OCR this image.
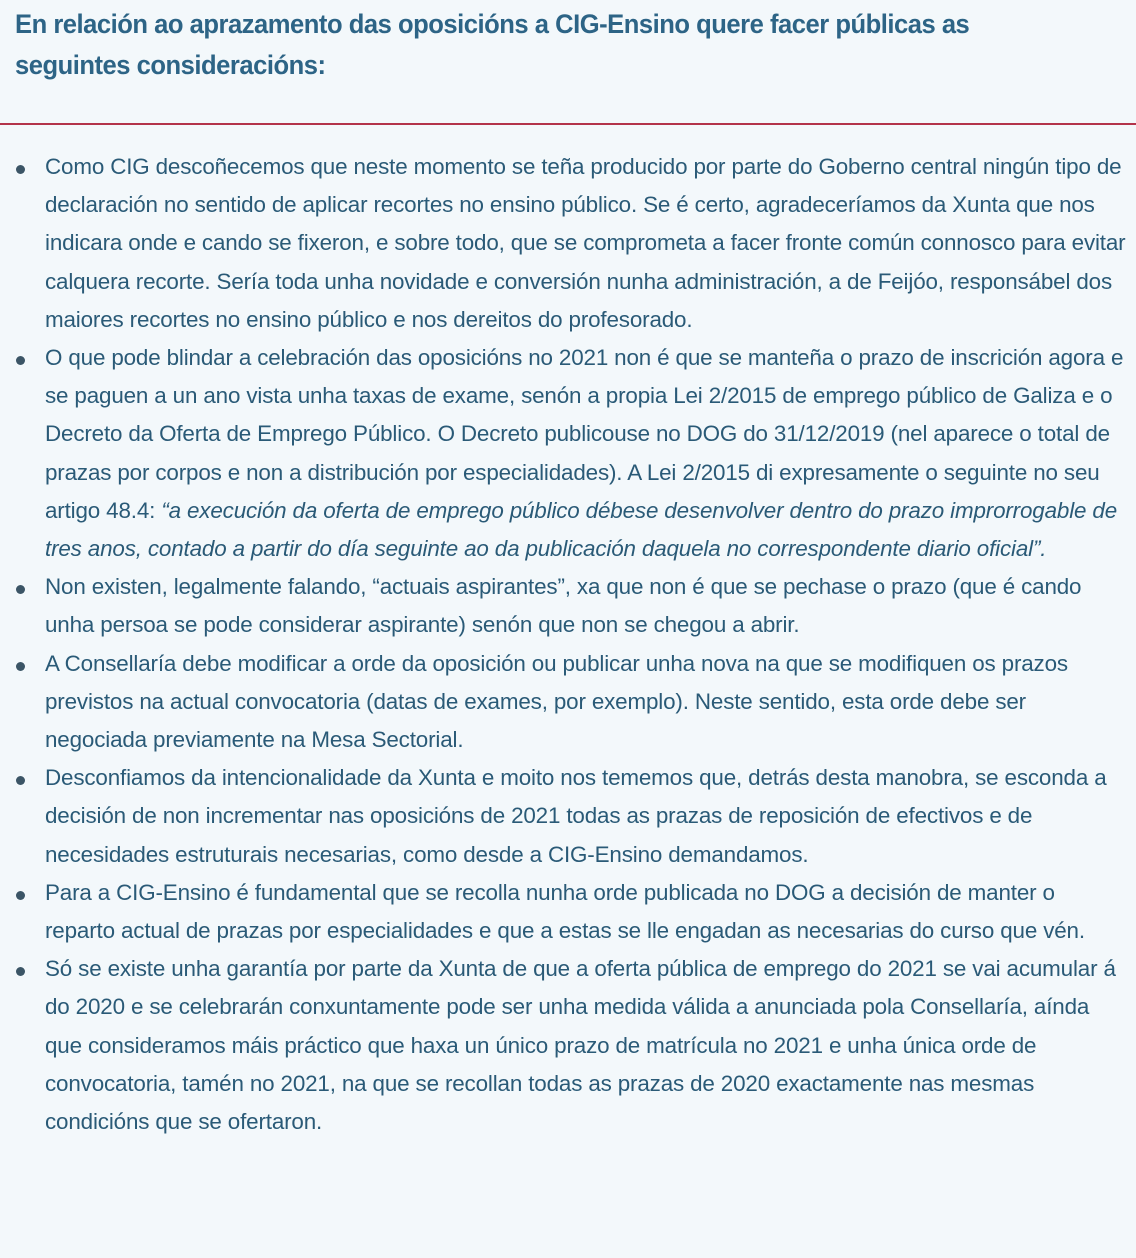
En relación ao aprazamento das oposicións a CIG-Ensino quere facer públicas as seguintes consideracións:
Como CIG descoñecemos que neste momento se teña producido por parte do Goberno central ningún tipo de declaración no sentido de aplicar recortes no ensino público. Se é certo, agradeceríamos da Xunta que nos indicara onde e cando se fixeron, e sobre todo, que se comprometa a facer fronte común connosco para evitar calquera recorte. Sería toda unha novidade e conversión nunha administración, a de Feijóo, responsábel dos maiores recortes no ensino público e nos dereitos do profesorado.
O que pode blindar a celebración das oposicións no 2021 non é que se manteña o prazo de inscrición agora e se paguen a un ano vista unha taxas de exame, senón a propia Lei 2/2015 de emprego público de Galiza e o Decreto da Oferta de Emprego Público. O Decreto publicouse no DOG do 31/12/2019 (nel aparece o total de prazas por corpos e non a distribución por especialidades). A Lei 2/2015 di expresamente o seguinte no seu artigo 48.4: “a execución da oferta de emprego público débese desenvolver dentro do prazo improrrogable de tres anos, contado a partir do día seguinte ao da publicación daquela no correspondente diario oficial”.
Non existen, legalmente falando, “actuais aspirantes”, xa que non é que se pechase o prazo (que é cando unha persoa se pode considerar aspirante) senón que non se chegou a abrir.
A Consellaría debe modificar a orde da oposición ou publicar unha nova na que se modifiquen os prazos previstos na actual convocatoria (datas de exames, por exemplo). Neste sentido, esta orde debe ser negociada previamente na Mesa Sectorial.
Desconfiamos da intencionalidade da Xunta e moito nos tememos que, detrás desta manobra, se esconda a decisión de non incrementar nas oposicións de 2021 todas as prazas de reposición de efectivos e de necesidades estruturais necesarias, como desde a CIG-Ensino demandamos.
Para a CIG-Ensino é fundamental que se recolla nunha orde publicada no DOG a decisión de manter o reparto actual de prazas por especialidades e que a estas se lle engadan as necesarias do curso que vén.
Só se existe unha garantía por parte da Xunta de que a oferta pública de emprego do 2021 se vai acumular á do 2020 e se celebrarán conxuntamente pode ser unha medida válida a anunciada pola Consellaría, aínda que consideramos máis práctico que haxa un único prazo de matrícula no 2021 e unha única orde de convocatoria, tamén no 2021, na que se recollan todas as prazas de 2020 exactamente nas mesmas condicións que se ofertaron.
